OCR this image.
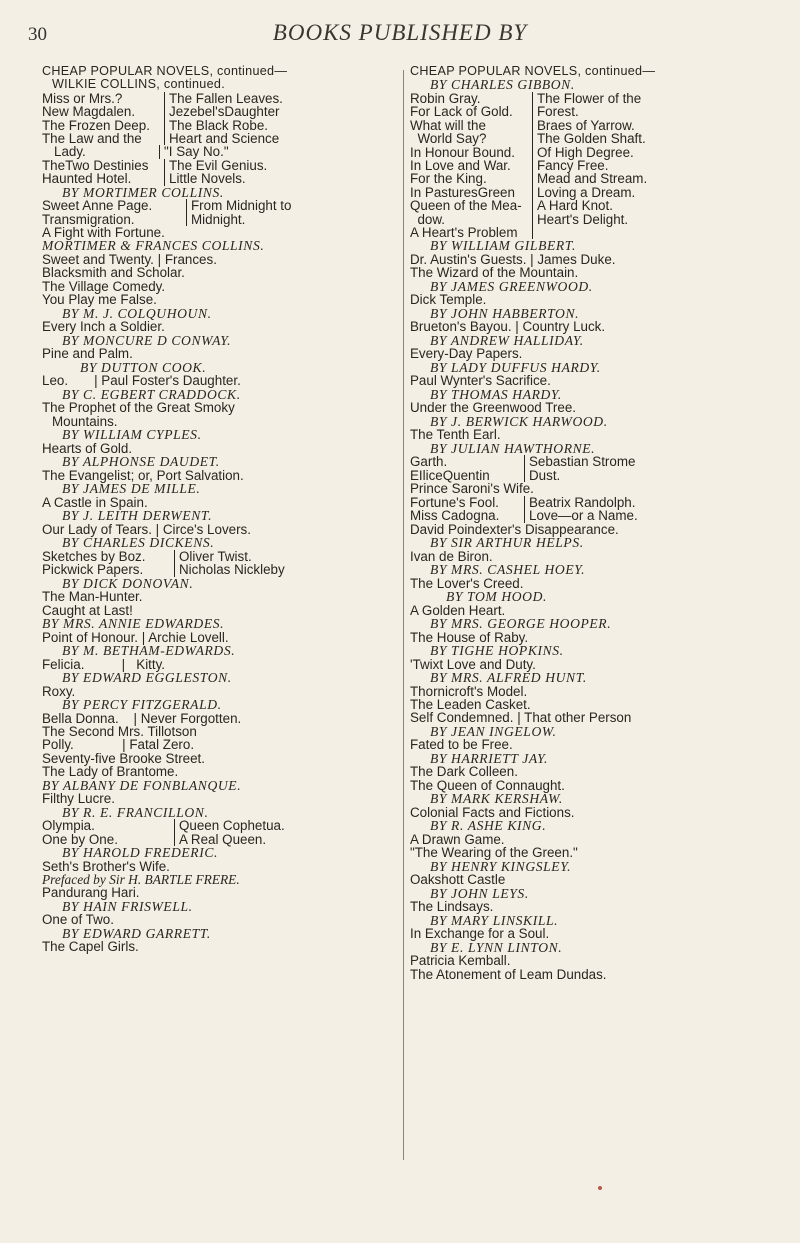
30	BOOKS PUBLISHED BY
CHEAP POPULAR NOVELS, continued—
WILKIE COLLINS, continued.
Miss or Mrs.?	The Fallen Leaves.
New Magdalen.	Jezebel'sDaughter
The Frozen Deep.	The Black Robe.
The Law and the	Heart and Science
Lady.	"I Say No."
TheTwo Destinies	The Evil Genius.
Haunted Hotel.	Little Novels.
BY MORTIMER COLLINS.
Sweet Anne Page.	From Midnight to
Transmigration.	Midnight.
A Fight with Fortune.
MORTIMER & FRANCES COLLINS.
Sweet and Twenty. | Frances.
Blacksmith and Scholar.
The Village Comedy.
You Play me False.
BY M. J. COLQUHOUN.
Every Inch a Soldier.
BY MONCURE D CONWAY.
Pine and Palm.
BY DUTTON COOK.
Leo.       | Paul Foster's Daughter.
BY C. EGBERT CRADDOCK.
The Prophet of the Great Smoky
Mountains.
BY WILLIAM CYPLES.
Hearts of Gold.
BY ALPHONSE DAUDET.
The Evangelist; or, Port Salvation.
BY JAMES DE MILLE.
A Castle in Spain.
BY J. LEITH DERWENT.
Our Lady of Tears. | Circe's Lovers.
BY CHARLES DICKENS.
Sketches by Boz.	Oliver Twist.
Pickwick Papers.	Nicholas Nickleby
BY DICK DONOVAN.
The Man-Hunter.
Caught at Last!
BY MRS. ANNIE EDWARDES.
Point of Honour. | Archie Lovell.
BY M. BETHAM-EDWARDS.
Felicia.          |   Kitty.
BY EDWARD EGGLESTON.
Roxy.
BY PERCY FITZGERALD.
Bella Donna.    | Never Forgotten.
The Second Mrs. Tillotson
Polly.             | Fatal Zero.
Seventy-five Brooke Street.
The Lady of Brantome.
BY ALBANY DE FONBLANQUE.
Filthy Lucre.
BY R. E. FRANCILLON.
Olympia.	Queen Cophetua.
One by One.	A Real Queen.
BY HAROLD FREDERIC.
Seth's Brother's Wife.
Prefaced by Sir H. BARTLE FRERE.
Pandurang Hari.
BY HAIN FRISWELL.
One of Two.
BY EDWARD GARRETT.
The Capel Girls.
CHEAP POPULAR NOVELS, continued—
BY CHARLES GIBBON.
Robin Gray.	The Flower of the
For Lack of Gold.	Forest.
What will the	Braes of Yarrow.
World Say?	The Golden Shaft.
In Honour Bound.	Of High Degree.
In Love and War.	Fancy Free.
For the King.	Mead and Stream.
In PasturesGreen	Loving a Dream.
Queen of the Mea-	A Hard Knot.
dow.	Heart's Delight.
A Heart's Problem
BY WILLIAM GILBERT.
Dr. Austin's Guests. | James Duke.
The Wizard of the Mountain.
BY JAMES GREENWOOD.
Dick Temple.
BY JOHN HABBERTON.
Brueton's Bayou. | Country Luck.
BY ANDREW HALLIDAY.
Every-Day Papers.
BY LADY DUFFUS HARDY.
Paul Wynter's Sacrifice.
BY THOMAS HARDY.
Under the Greenwood Tree.
BY J. BERWICK HARWOOD.
The Tenth Earl.
BY JULIAN HAWTHORNE.
Garth.	Sebastian Strome
EIliceQuentin	Dust.
Prince Saroni's Wife.
Fortune's Fool.	Beatrix Randolph.
Miss Cadogna.	Love—or a Name.
David Poindexter's Disappearance.
BY SIR ARTHUR HELPS.
Ivan de Biron.
BY MRS. CASHEL HOEY.
The Lover's Creed.
BY TOM HOOD.
A Golden Heart.
BY MRS. GEORGE HOOPER.
The House of Raby.
BY TIGHE HOPKINS.
'Twixt Love and Duty.
BY MRS. ALFRED HUNT.
Thornicroft's Model.
The Leaden Casket.
Self Condemned. | That other Person
BY JEAN INGELOW.
Fated to be Free.
BY HARRIETT JAY.
The Dark Colleen.
The Queen of Connaught.
BY MARK KERSHAW.
Colonial Facts and Fictions.
BY R. ASHE KING.
A Drawn Game.
"The Wearing of the Green."
BY HENRY KINGSLEY.
Oakshott Castle
BY JOHN LEYS.
The Lindsays.
BY MARY LINSKILL.
In Exchange for a Soul.
BY E. LYNN LINTON.
Patricia Kemball.
The Atonement of Leam Dundas.
